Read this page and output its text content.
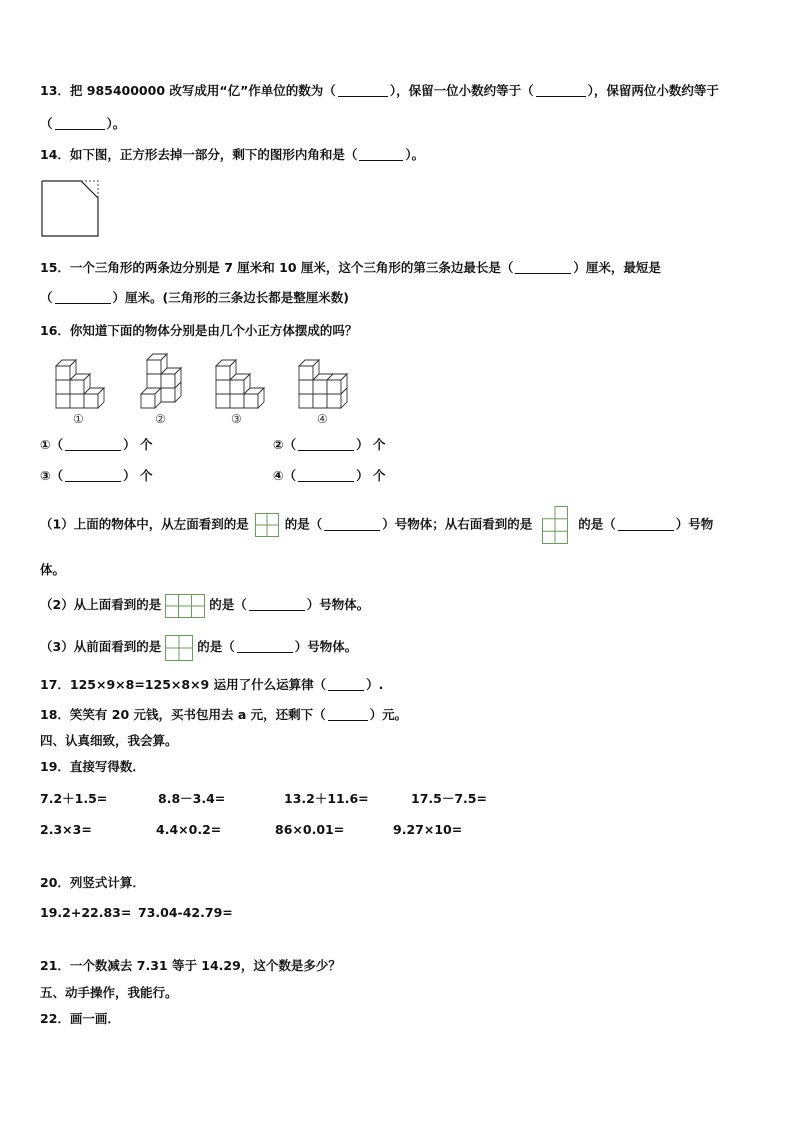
13．把 985400000 改写成用“亿”作单位的数为（	），保留一位小数约等于（	），保留两位小数约等于
（	）。
14．如下图，正方形去掉一部分，剩下的图形内角和是（	）。
15．一个三角形的两条边分别是 7 厘米和 10 厘米，这个三角形的第三条边最长是（	）厘米，最短是
（	）厘米。(三角形的三条边长都是整厘米数)
16．你知道下面的物体分别是由几个小正方体摆成的吗？
①	②	③	④
①（	） 个	②（	） 个
③（	） 个	④（	） 个
（1）上面的物体中，从左面看到的是	的是（	）号物体；从右面看到的是	的是（	）号物
体。
（2）从上面看到的是	的是（	）号物体。
（3）从前面看到的是	的是（	）号物体。
17．125×9×8=125×8×9 运用了什么运算律（	）.
18．笑笑有 20 元钱，买书包用去 a 元，还剩下（	）元。
四、认真细致，我会算。
19．直接写得数．
7.2＋1.5=	8.8－3.4=	13.2＋11.6=	17.5－7.5=
2.3×3=	4.4×0.2=	86×0.01=	9.27×10=
20．列竖式计算．
19.2+22.83= 73.04-42.79=
21．一个数减去 7.31 等于 14.29，这个数是多少？
五、动手操作，我能行。
22．画一画．
